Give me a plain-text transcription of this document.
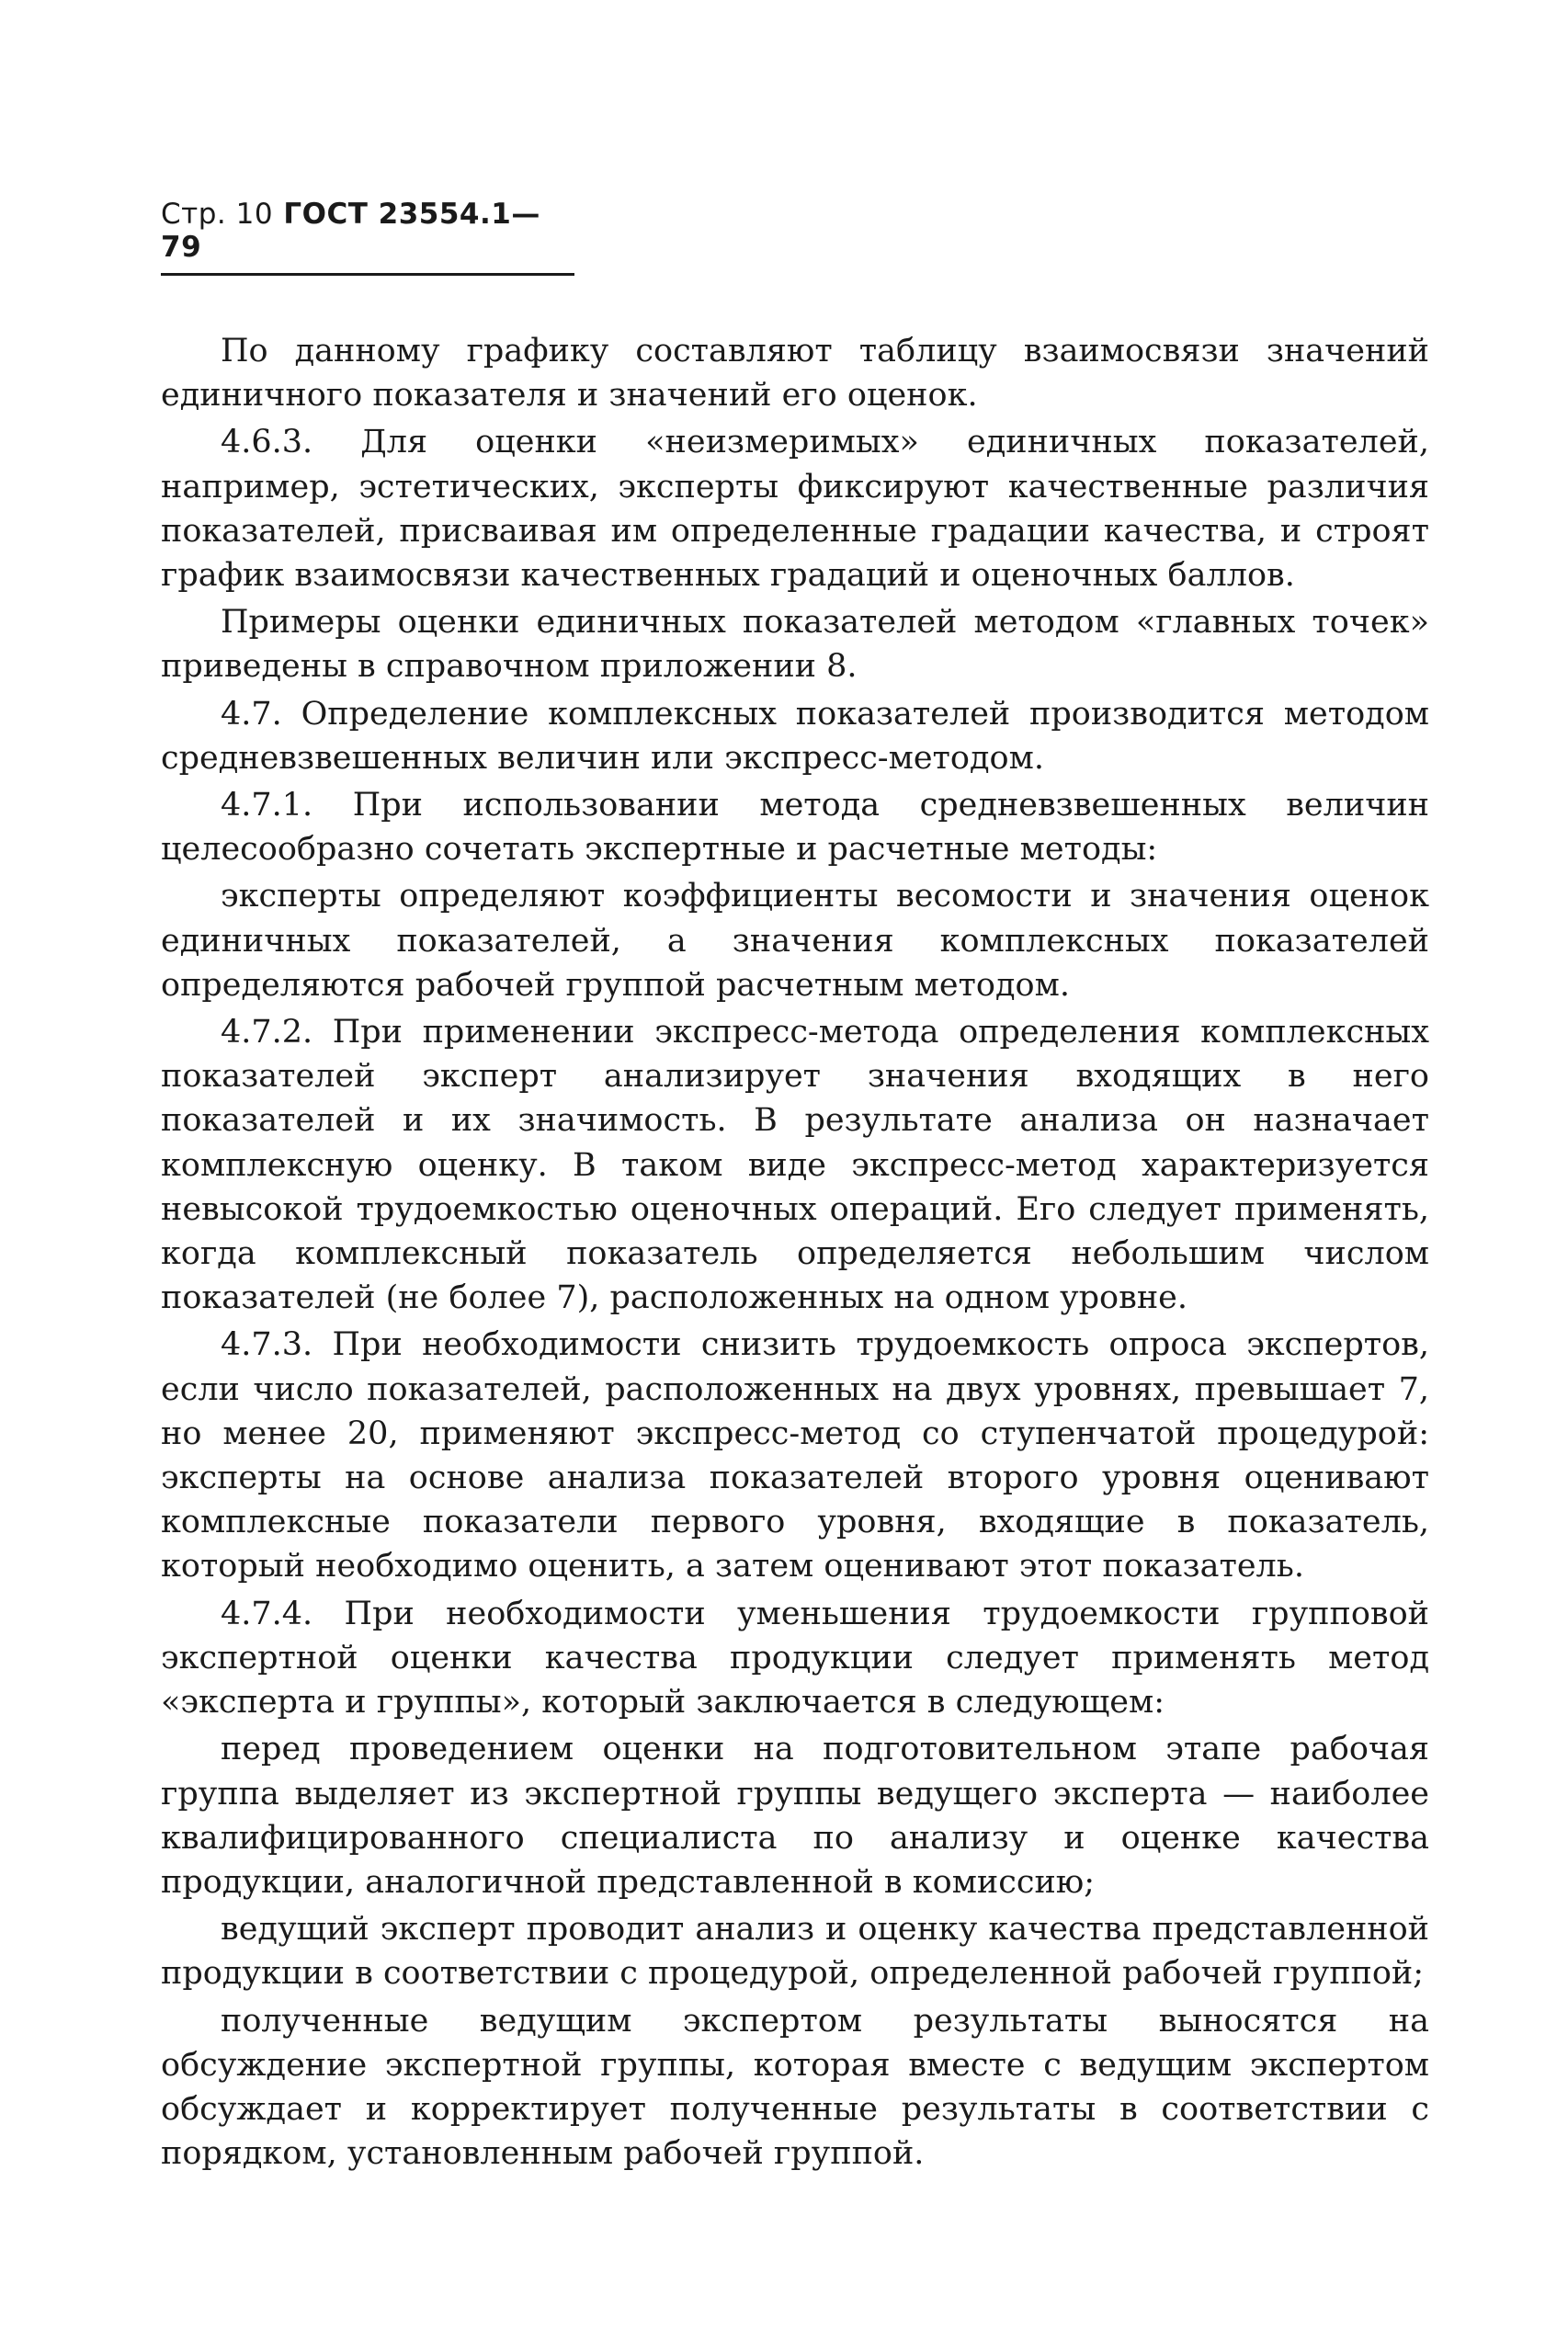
Стр. 10 ГОСТ 23554.1—79

По данному графику составляют таблицу взаимосвязи значений единичного показателя и значений его оценок.

4.6.3. Для оценки «неизмеримых» единичных показателей, например, эстетических, эксперты фиксируют качественные различия показателей, присваивая им определенные градации качества, и строят график взаимосвязи качественных градаций и оценочных баллов.

Примеры оценки единичных показателей методом «главных точек» приведены в справочном приложении 8.

4.7. Определение комплексных показателей производится методом средневзвешенных величин или экспресс-методом.

4.7.1. При использовании метода средневзвешенных величин целесообразно сочетать экспертные и расчетные методы:

эксперты определяют коэффициенты весомости и значения оценок единичных показателей, а значения комплексных показателей определяются рабочей группой расчетным методом.

4.7.2. При применении экспресс-метода определения комплексных показателей эксперт анализирует значения входящих в него показателей и их значимость. В результате анализа он назначает комплексную оценку. В таком виде экспресс-метод характеризуется невысокой трудоемкостью оценочных операций. Его следует применять, когда комплексный показатель определяется небольшим числом показателей (не более 7), расположенных на одном уровне.

4.7.3. При необходимости снизить трудоемкость опроса экспертов, если число показателей, расположенных на двух уровнях, превышает 7, но менее 20, применяют экспресс-метод со ступенчатой процедурой: эксперты на основе анализа показателей второго уровня оценивают комплексные показатели первого уровня, входящие в показатель, который необходимо оценить, а затем оценивают этот показатель.

4.7.4. При необходимости уменьшения трудоемкости групповой экспертной оценки качества продукции следует применять метод «эксперта и группы», который заключается в следующем:

перед проведением оценки на подготовительном этапе рабочая группа выделяет из экспертной группы ведущего эксперта — наиболее квалифицированного специалиста по анализу и оценке качества продукции, аналогичной представленной в комиссию;

ведущий эксперт проводит анализ и оценку качества представленной продукции в соответствии с процедурой, определенной рабочей группой;

полученные ведущим экспертом результаты выносятся на обсуждение экспертной группы, которая вместе с ведущим экспертом обсуждает и корректирует полученные результаты в соответствии с порядком, установленным рабочей группой.
